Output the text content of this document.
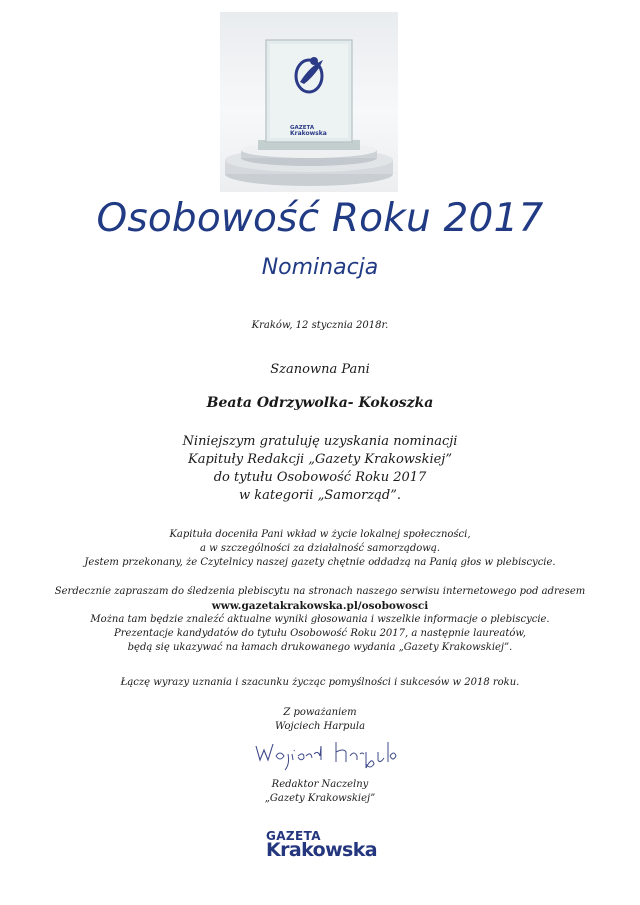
GAZETA
Krakowska
Osobowość Roku 2017
Nominacja
Kraków, 12 stycznia 2018r.
Szanowna Pani
Beata Odrzywolka- Kokoszka
Niniejszym gratuluję uzyskania nominacji
Kapituły Redakcji „Gazety Krakowskiej”
do tytułu Osobowość Roku 2017
w kategorii „Samorząd”.
Kapituła doceniła Pani wkład w życie lokalnej społeczności,
a w szczególności za działalność samorządową.
Jestem przekonany, że Czytelnicy naszej gazety chętnie oddadzą na Panią głos w plebiscycie.
Serdecznie zapraszam do śledzenia plebiscytu na stronach naszego serwisu internetowego pod adresem
www.gazetakrakowska.pl/osobowosci
Można tam będzie znaleźć aktualne wyniki głosowania i wszelkie informacje o plebiscycie.
Prezentacje kandydatów do tytułu Osobowość Roku 2017, a następnie laureatów,
będą się ukazywać na łamach drukowanego wydania „Gazety Krakowskiej”.
Łączę wyrazy uznania i szacunku życząc pomyślności i sukcesów w 2018 roku.
Z poważaniem
Wojciech Harpula
Redaktor Naczelny
„Gazety Krakowskiej”
GAZETA
Krakowska
